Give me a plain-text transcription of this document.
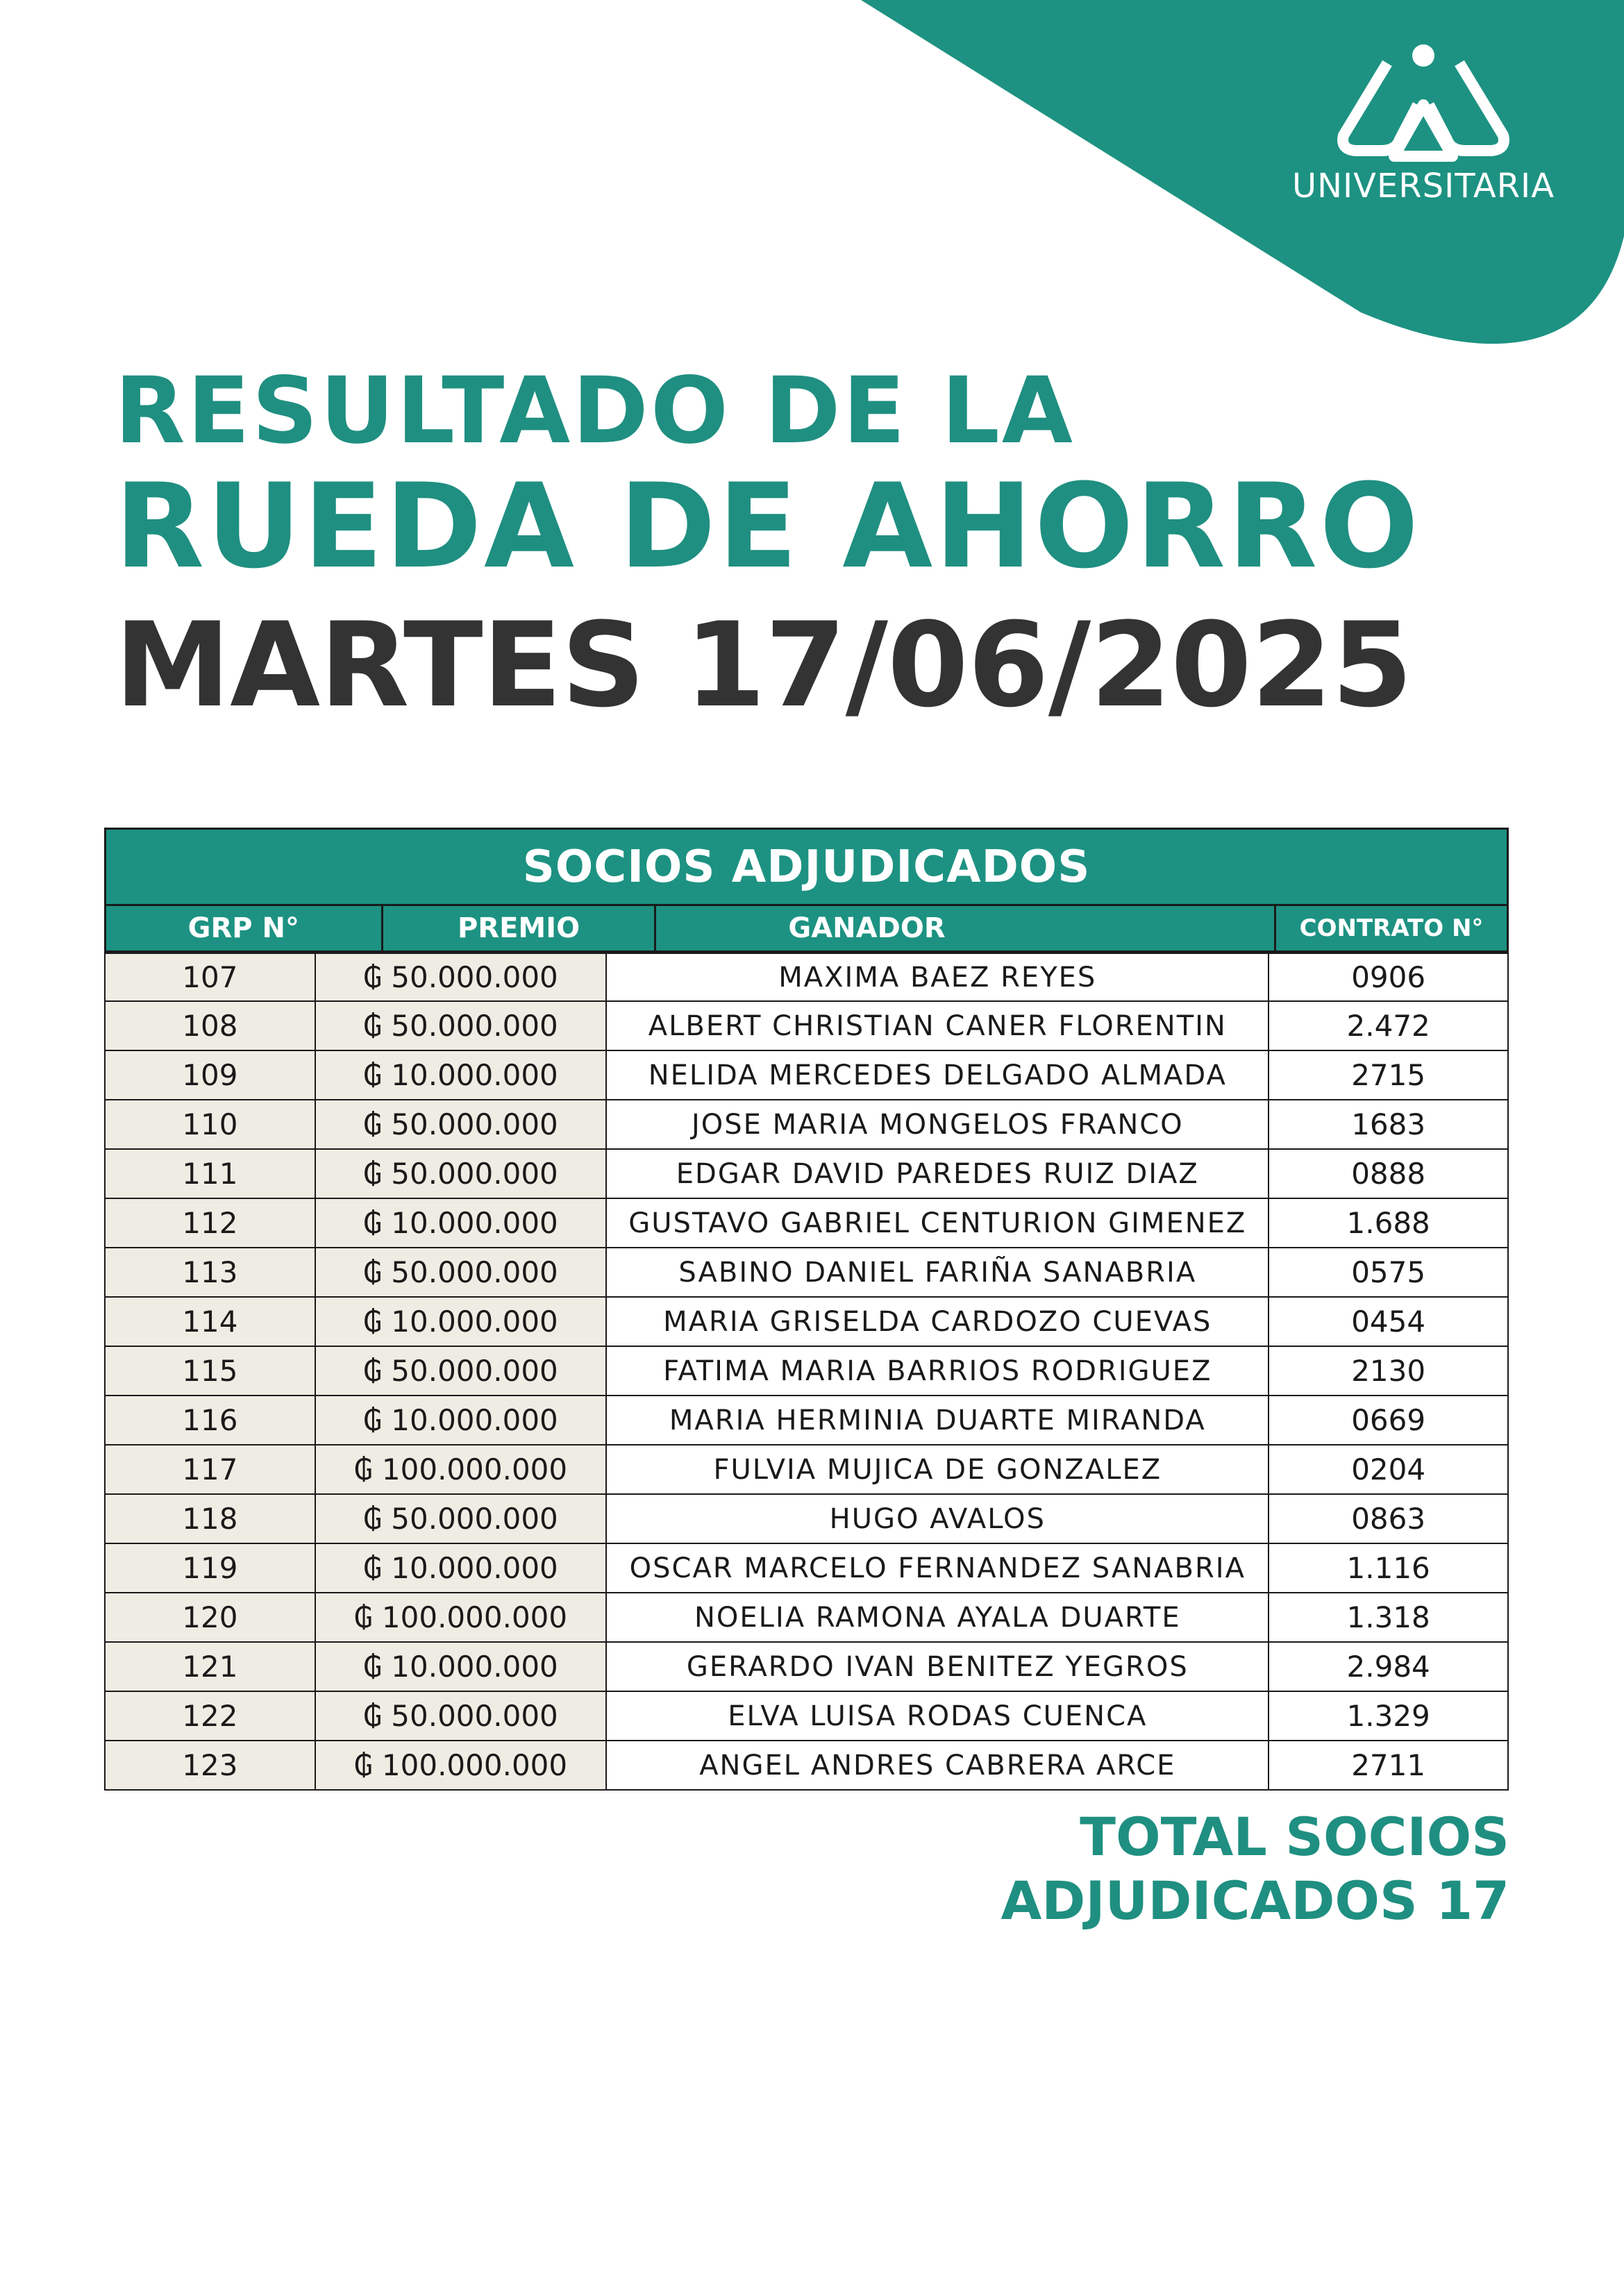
UNIVERSITARIA
RESULTADO DE LA
RUEDA DE AHORRO
MARTES 17/06/2025
SOCIOS ADJUDICADOS
GRP N°	PREMIO	GANADOR	CONTRATO N°
107	₲ 50.000.000	MAXIMA BAEZ REYES	0906
108	₲ 50.000.000	ALBERT CHRISTIAN CANER FLORENTIN	2.472
109	₲ 10.000.000	NELIDA MERCEDES DELGADO ALMADA	2715
110	₲ 50.000.000	JOSE MARIA MONGELOS FRANCO	1683
111	₲ 50.000.000	EDGAR DAVID PAREDES RUIZ DIAZ	0888
112	₲ 10.000.000	GUSTAVO GABRIEL CENTURION GIMENEZ	1.688
113	₲ 50.000.000	SABINO DANIEL FARIÑA SANABRIA	0575
114	₲ 10.000.000	MARIA GRISELDA CARDOZO CUEVAS	0454
115	₲ 50.000.000	FATIMA MARIA BARRIOS RODRIGUEZ	2130
116	₲ 10.000.000	MARIA HERMINIA DUARTE MIRANDA	0669
117	₲ 100.000.000	FULVIA MUJICA DE GONZALEZ	0204
118	₲ 50.000.000	HUGO AVALOS	0863
119	₲ 10.000.000	OSCAR MARCELO FERNANDEZ SANABRIA	1.116
120	₲ 100.000.000	NOELIA RAMONA AYALA DUARTE	1.318
121	₲ 10.000.000	GERARDO IVAN BENITEZ YEGROS	2.984
122	₲ 50.000.000	ELVA LUISA RODAS CUENCA	1.329
123	₲ 100.000.000	ANGEL ANDRES CABRERA ARCE	2711
TOTAL SOCIOS
ADJUDICADOS 17
